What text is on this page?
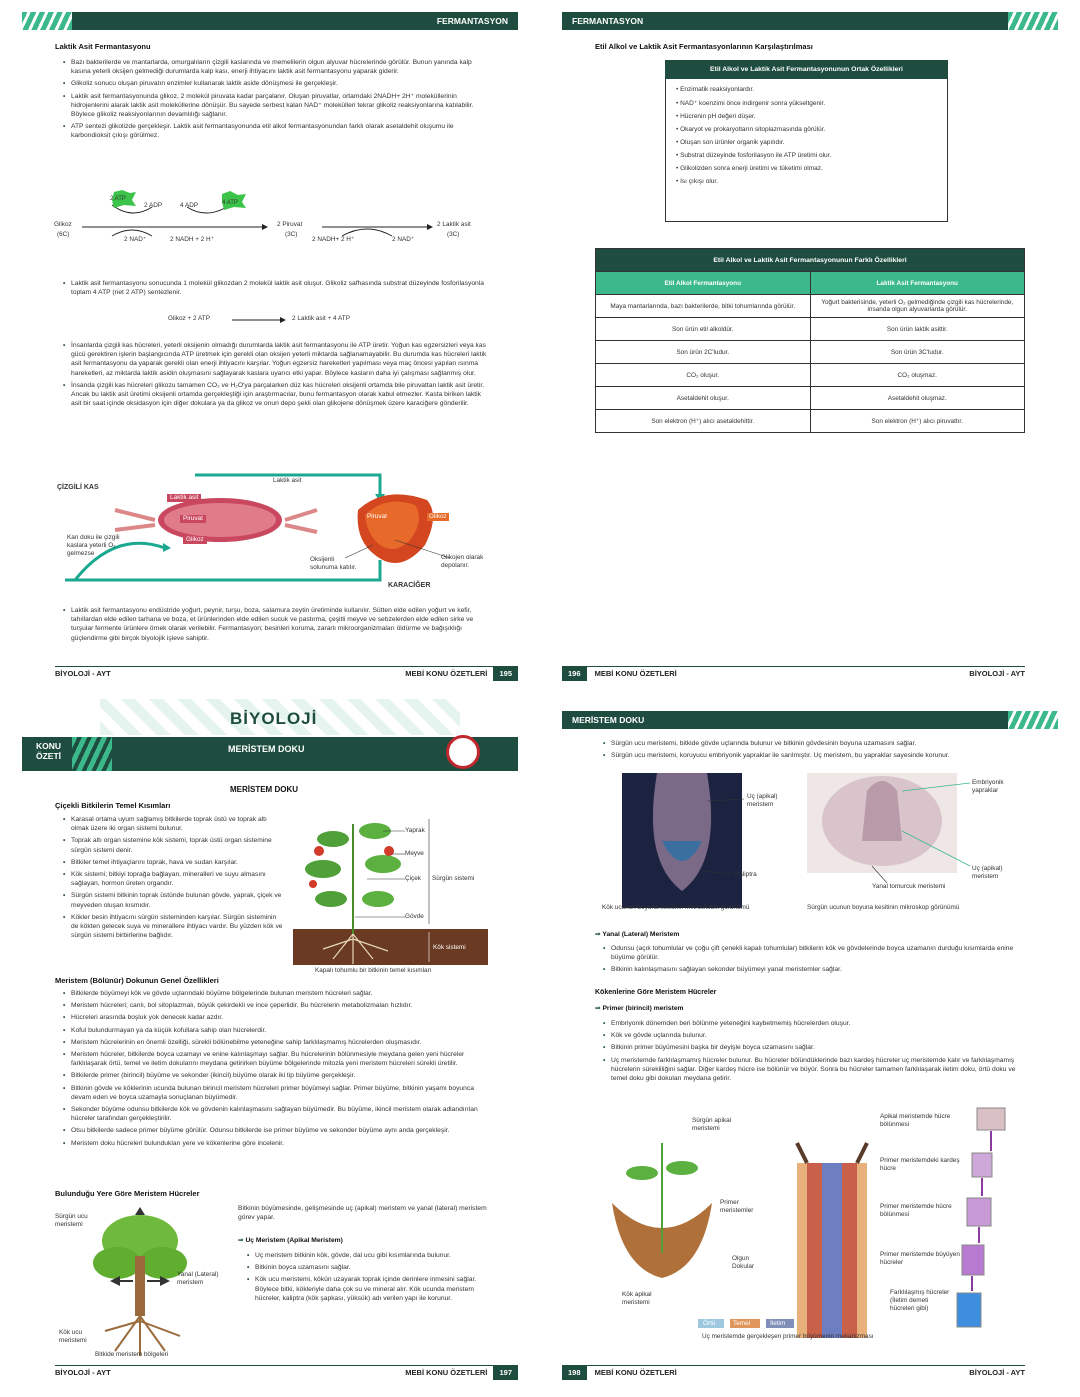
FERMANTASYON
Laktik Asit Fermantasyonu
• Bazı bakterilerde ve mantarlarda, omurgalıların çizgili kaslarında ve memelilerin olgun alyuvar hücrelerinde görülür. Bunun yanında kalp kasına yeterli oksijen gelmediği durumlarda kalp kası, enerji ihtiyacını laktik asit fermantasyonu yaparak giderir.
• Glikoliz sonucu oluşan piruvatın enzimler kullanarak laktik aside dönüşmesi ile gerçekleşir.
• Laktik asit fermantasyonunda glikoz, 2 molekül piruvata kadar parçalanır. Oluşan piruvatlar, ortamdaki 2NADH+ 2H⁺ moleküllerinin hidrojenlerini alarak laktik asit moleküllerine dönüşür. Bu sayede serbest kalan NAD⁺ molekülleri tekrar glikoliz reaksiyonlarına katılabilir. Böylece glikoliz reaksiyonlarının devamlılığı sağlanır.
• ATP sentezi glikolizde gerçekleşir. Laktik asit fermantasyonunda etil alkol fermantasyonundan farklı olarak asetaldehit oluşumu ile karbondioksit çıkışı görülmez.
2 ATP
2 ADP	4 ADP	4 ATP
Glikoz
(6C)
2 NAD⁺	2 NADH + 2 H⁺
2 Piruvat
(3C)
2 NADH+ 2 H⁺	2 NAD⁺
2 Laktik asit
(3C)
• Laktik asit fermantasyonu sonucunda 1 molekül glikozdan 2 molekül laktik asit oluşur. Glikoliz safhasında substrat düzeyinde fosforilasyonla toplam 4 ATP (net 2 ATP) sentezlenir.
Glikoz + 2 ATP	2 Laktik asit + 4 ATP
• İnsanlarda çizgili kas hücreleri, yeterli oksijenin olmadığı durumlarda laktik asit fermantasyonu ile ATP üretir. Yoğun kas egzersizleri veya kas gücü gerektiren işlerin başlangıcında ATP üretmek için gerekli olan oksijen yeterli miktarda sağlanamayabilir. Bu durumda kas hücreleri laktik asit fermantasyonu da yaparak gerekli olan enerji ihtiyacını karşılar. Yoğun egzersiz hareketleri yapılması veya maç öncesi yapılan ısınma hareketleri, az miktarda laktik asidin oluşmasını sağlayarak kaslara uyarıcı etki yapar. Böylece kasların daha iyi çalışması sağlanmış olur.
• İnsanda çizgili kas hücreleri glikozu tamamen CO₂ ve H₂O'ya parçalarken düz kas hücreleri oksijenli ortamda bile piruvattan laktik asit üretir. Ancak bu laktik asit üretimi oksijenli ortamda gerçekleştiği için araştırmacılar, bunu fermantasyon olarak kabul etmezler. Kasta biriken laktik asit bir saat içinde oksidasyon için diğer dokulara ya da glikoz ve onun depo şekli olan glikojene dönüşmek üzere karaciğere gönderilir.
ÇİZGİLİ KAS
Laktik asit
Laktik asit
Piruvat
Glikoz
Kan doku ile çizgili kaslara yeterli O₂ gelmezse
Piruvat	Glikoz
Oksijenli solunuma katılır.
KARACİĞER
Glikojen olarak depolanır.
• Laktik asit fermantasyonu endüstride yoğurt, peynir, turşu, boza, salamura zeytin üretiminde kullanılır. Sütten elde edilen yoğurt ve kefir, tahıllardan elde edilen tarhana ve boza, et ürünlerinden elde edilen sucuk ve pastırma, çeşitli meyve ve sebzelerden elde edilen sirke ve turşular fermente ürünlere örnek olarak verilebilir. Fermantasyon; besinleri koruma, zararlı mikroorganizmaları öldürme ve bağışıklığı güçlendirme gibi birçok biyolojik işleve sahiptir.
BİYOLOJİ - AYT	MEBİ KONU ÖZETLERİ 195
FERMANTASYON
Etil Alkol ve Laktik Asit Fermantasyonlarının Karşılaştırılması
Etil Alkol ve Laktik Asit Fermantasyonunun Ortak Özellikleri
• Enzimatik reaksiyonlardır.
• NAD⁺ koenzimi önce indirgenir sonra yükseltgenir.
• Hücrenin pH değeri düşer.
• Okaryot ve prokaryotların sitoplazmasında görülür.
• Oluşan son ürünler organik yapılıdır.
• Substrat düzeyinde fosforilasyon ile ATP üretimi olur.
• Glikolizden sonra enerji üretimi ve tüketimi olmaz.
• Isı çıkışı olur.
Etil Alkol ve Laktik Asit Fermantasyonunun Farklı Özellikleri	
Etil Alkol Fermantasyonu	Laktik Asit Fermantasyonu
Maya mantarlarında, bazı bakterilerde, bitki tohumlarında görülür.	Yoğurt bakterisinde, yeterli O₂ gelmediğinde çizgili kas hücrelerinde, insanda olgun alyuvarlarda görülür.
Son ürün etil alkoldür.	Son ürün laktik asittir.
Son ürün 2C'ludur.	Son ürün 3C'ludur.
CO₂ oluşur.	CO₂ oluşmaz.
Asetaldehit oluşur.	Asetaldehit oluşmaz.
Son elektron (H⁺) alıcı asetaldehittir.	Son elektron (H⁺) alıcı piruvattır.
196 MEBİ KONU ÖZETLERİ	BİYOLOJİ - AYT
BİYOLOJİ
KONU
ÖZETİ
MERİSTEM DOKU
MERİSTEM DOKU
Çiçekli Bitkilerin Temel Kısımları
• Karasal ortama uyum sağlamış bitkilerde toprak üstü ve toprak altı olmak üzere iki organ sistemi bulunur.
• Toprak altı organ sistemine kök sistemi, toprak üstü organ sistemine sürgün sistemi denir.
• Bitkiler temel ihtiyaçlarını toprak, hava ve sudan karşılar.
• Kök sistemi; bitkiyi toprağa bağlayan, mineralleri ve suyu almasını sağlayan, hormon üreten organdır.
• Sürgün sistemi bitkinin toprak üstünde bulunan gövde, yaprak, çiçek ve meyveden oluşan kısmıdır.
• Kökler besin ihtiyacını sürgün sisteminden karşılar. Sürgün sisteminin de kökten gelecek suya ve minerallere ihtiyacı vardır. Bu yüzden kök ve sürgün sistemi birbirlerine bağlıdır.
Yaprak
Meyve
Çiçek Sürgün sistemi
Gövde
Kök sistemi
Kapalı tohumlu bir bitkinin temel kısımları
Meristem (Bölünür) Dokunun Genel Özellikleri
• Bitkilerde büyümeyi kök ve gövde uçlarındaki büyüme bölgelerinde bulunan meristem hücreleri sağlar.
• Meristem hücreleri; canlı, bol sitoplazmalı, büyük çekirdekli ve ince çeperlidir. Bu hücrelerin metabolizmaları hızlıdır.
• Hücreleri arasında boşluk yok denecek kadar azdır.
• Koful bulundurmayan ya da küçük kofullara sahip olan hücrelerdir.
• Meristem hücrelerinin en önemli özelliği, sürekli bölünebilme yeteneğine sahip farklılaşmamış hücrelerden oluşmasıdır.
• Meristem hücreler, bitkilerde boyca uzamayı ve enine kalınlaşmayı sağlar. Bu hücrelerinin bölünmesiyle meydana gelen yeni hücreler farklılaşarak örtü, temel ve iletim dokularını meydana getirirken büyüme bölgelerinde mitozla yeni meristem hücreleri sürekli üretilir.
• Bitkilerde primer (birincil) büyüme ve sekonder (ikincil) büyüme olarak iki tip büyüme gerçekleşir.
• Bitkinin gövde ve köklerinin ucunda bulunan birincil meristem hücreleri primer büyümeyi sağlar. Primer büyüme, bitkinin yaşamı boyunca devam eden ve boyca uzamayla sonuçlanan büyümedir.
• Sekonder büyüme odunsu bitkilerde kök ve gövdenin kalınlaşmasını sağlayan büyümedir. Bu büyüme, ikincil meristem olarak adlandırılan hücreler tarafından gerçekleştirilir.
• Otsu bitkilerde sadece primer büyüme görülür. Odunsu bitkilerde ise primer büyüme ve sekonder büyüme aynı anda gerçekleşir.
• Meristem doku hücreleri bulundukları yere ve kökenlerine göre incelenir.
Bulunduğu Yere Göre Meristem Hücreler
Sürgün ucu meristemi
Yanal (Lateral) meristem
Kök ucu meristemi
Bitkide meristem bölgeleri
Bitkinin büyümesinde, gelişmesinde uç (apikal) meristem ve yanal (lateral) meristem görev yapar.
⇒ Uç Meristem (Apikal Meristem)
• Uç meristem bitkinin kök, gövde, dal ucu gibi kısımlarında bulunur.
• Bitkinin boyca uzamasını sağlar.
• Kök ucu meristemi, kökün uzayarak toprak içinde derinlere inmesini sağlar. Böylece bitki, kökleriyle daha çok su ve mineral alır. Kök ucunda meristem hücreler, kaliptra (kök şapkası, yüksük) adı verilen yapı ile korunur.
BİYOLOJİ - AYT	MEBİ KONU ÖZETLERİ 197
MERİSTEM DOKU
• Sürgün ucu meristemi, bitkide gövde uçlarında bulunur ve bitkinin gövdesinin boyuna uzamasını sağlar.
• Sürgün ucu meristemi, koruyucu embriyonik yapraklar ile sarılmıştır. Uç meristem, bu yapraklar sayesinde korunur.
Uç (apikal) meristem
Kaliptra
Embriyonik yapraklar
Uç (apikal) meristem
Yanal tomurcuk meristemi
Kök ucunun boyuna kesitinin mikroskobik görünümü	Sürgün ucunun boyuna kesitinin mikroskop görünümü
⇒ Yanal (Lateral) Meristem
• Odunsu (açık tohumlular ve çoğu çift çenekli kapalı tohumlular) bitkilerin kök ve gövdelerinde boyca uzamanın durduğu kısımlarda enine büyüme görülür.
• Bitkinin kalınlaşmasını sağlayan sekonder büyümeyi yanal meristemler sağlar.
Kökenlerine Göre Meristem Hücreler
⇒ Primer (birincil) meristem
• Embriyonik dönemden beri bölünme yeteneğini kaybetmemiş hücrelerden oluşur.
• Kök ve gövde uçlarında bulunur.
• Bitkinin primer büyümesini başka bir deyişle boyca uzamasını sağlar.
• Uç meristemde farklılaşmamış hücreler bulunur. Bu hücreler bölündüklerinde bazı kardeş hücreler uç meristemde kalır ve farklılaşmamış hücrelerin sürekliliğini sağlar. Diğer kardeş hücre ise bölünür ve büyür. Sonra bu hücreler tamamen farklılaşarak iletim doku, örtü doku ve temel doku gibi dokuları meydana getirir.
Sürgün apikal meristemi
Primer meristemler
Olgun Dokular
Kök apikal meristemi
Örtü	Temel	İletim
Apikal meristemde hücre bölünmesi
Primer meristemdeki kardeş hücre
Primer meristemde hücre bölünmesi
Primer meristemde büyüyen hücreler
Farklılaşmış hücreler (İletim demeti hücreleri gibi)
Uç meristemde gerçekleşen primer büyümenin mekanizması
198 MEBİ KONU ÖZETLERİ	BİYOLOJİ - AYT
